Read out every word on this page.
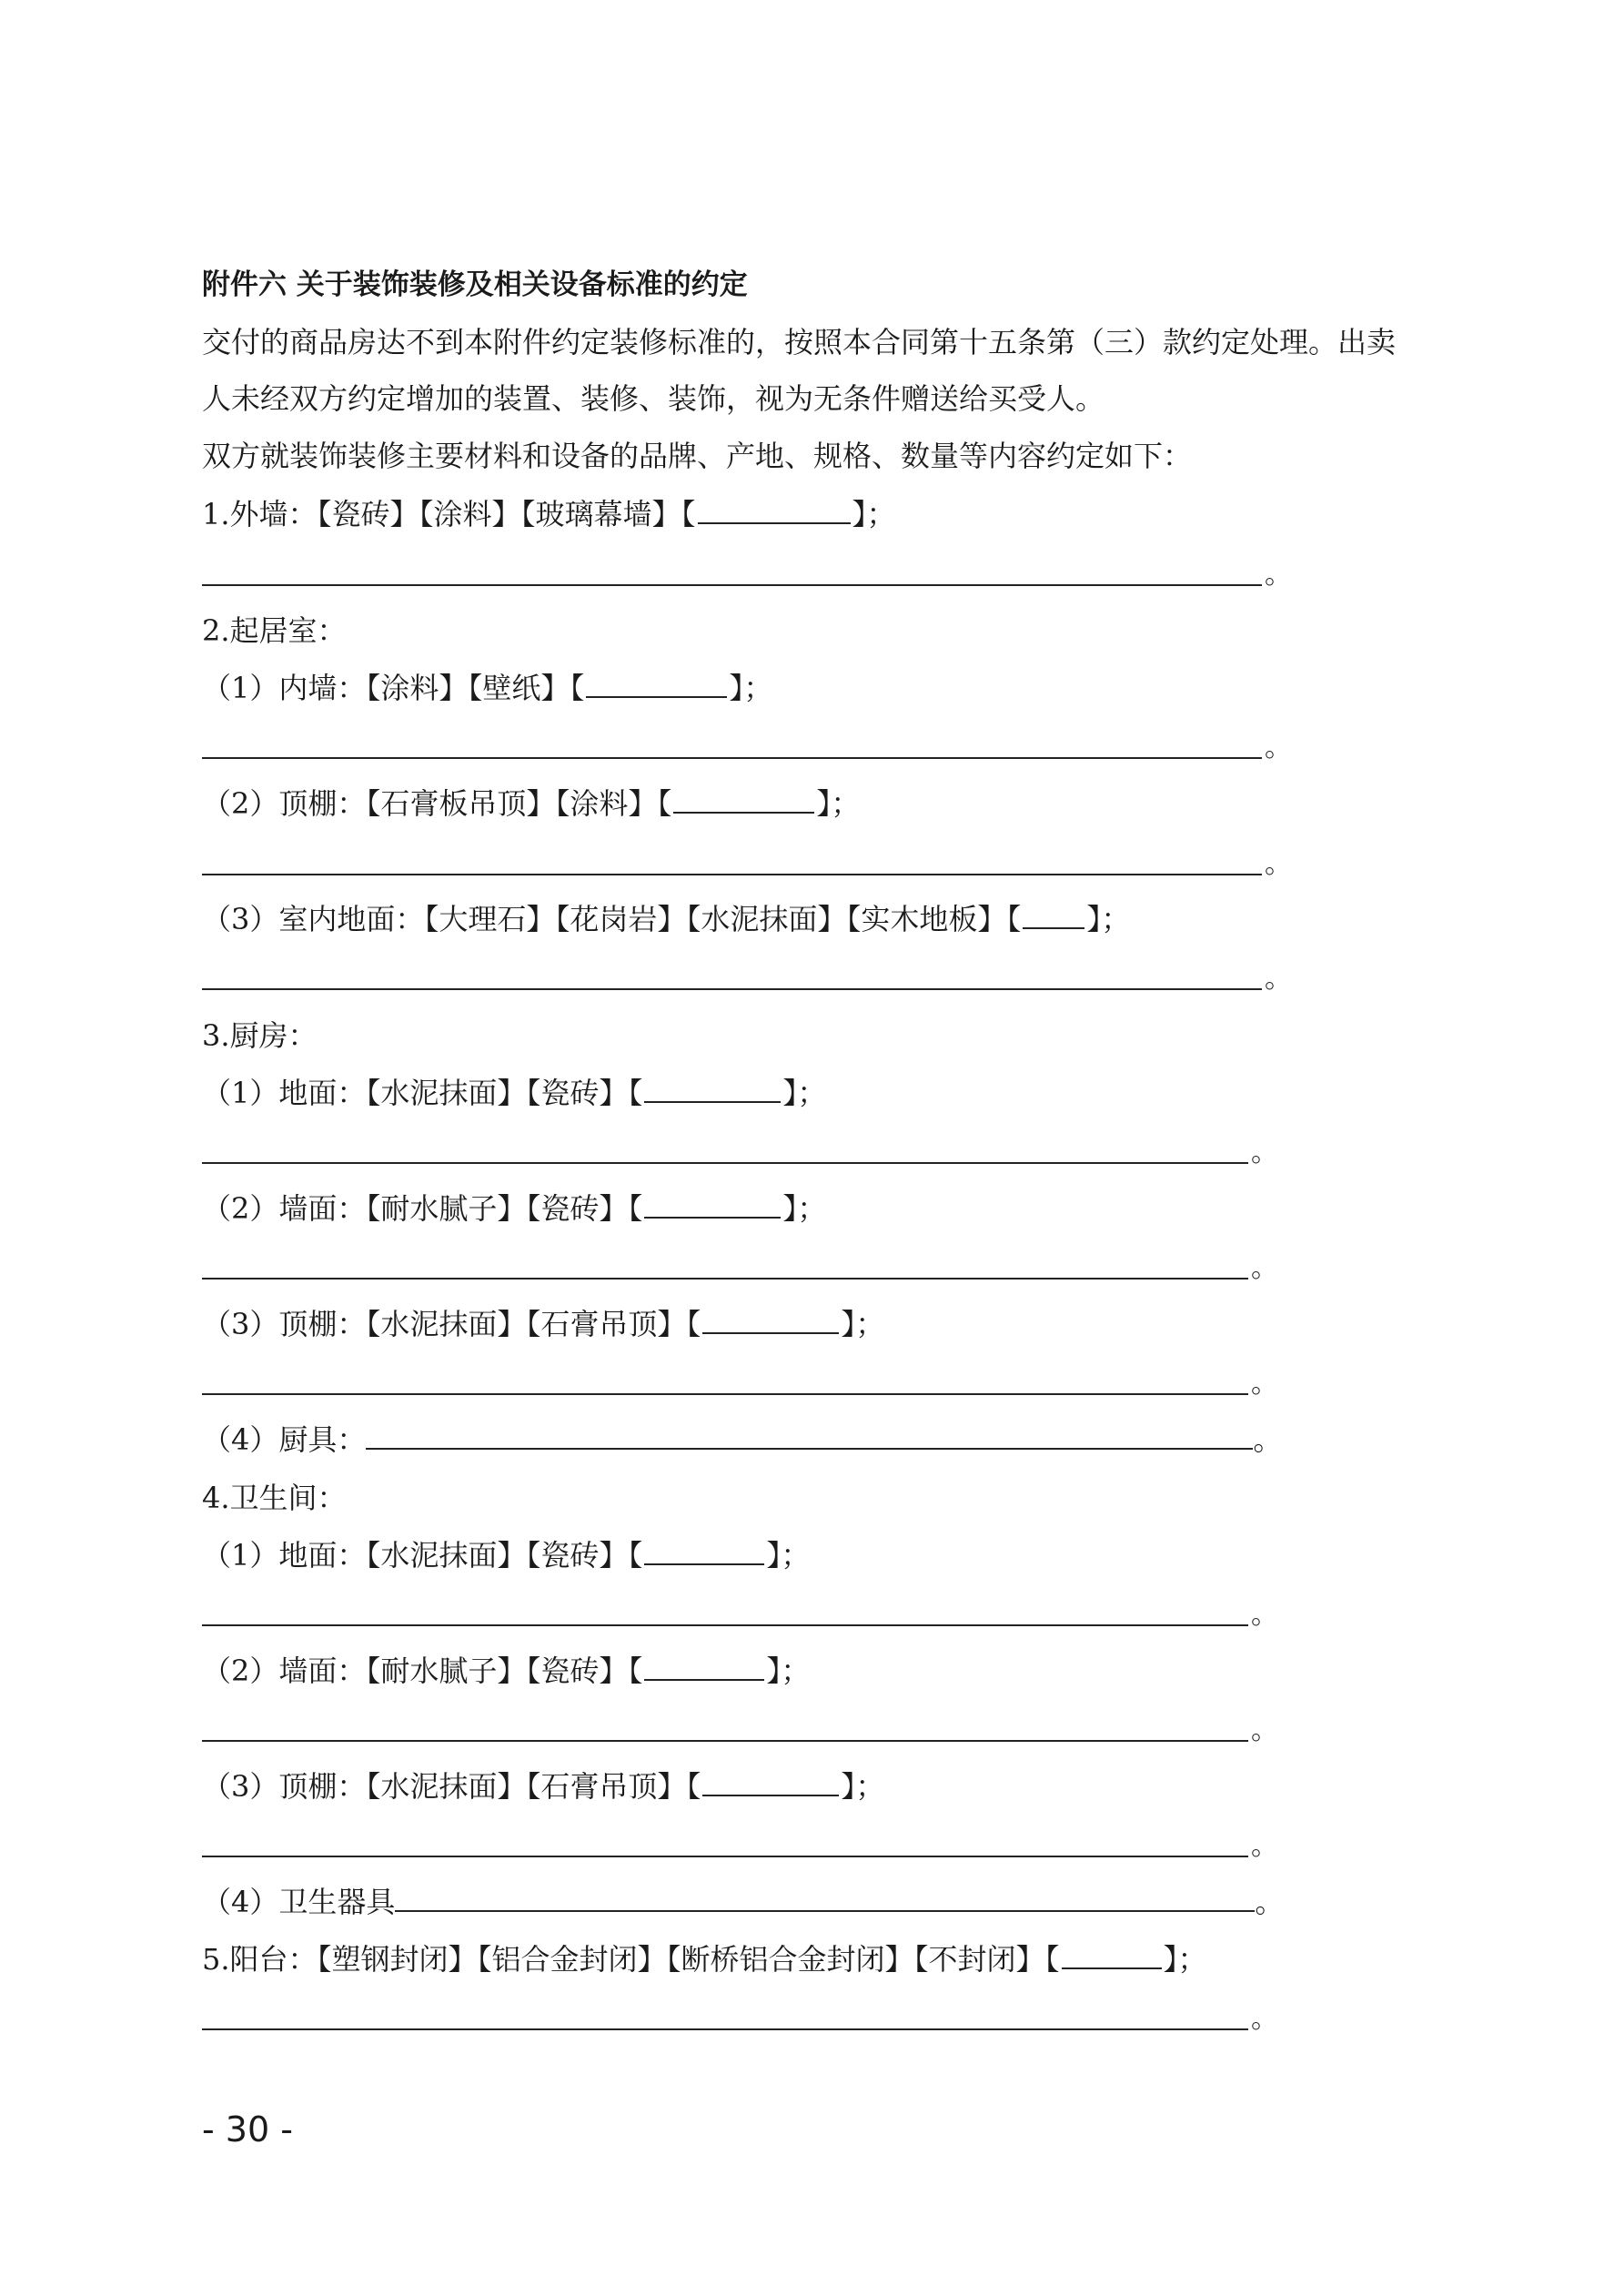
附件六 关于装饰装修及相关设备标准的约定
交付的商品房达不到本附件约定装修标准的，按照本合同第十五条第（三）款约定处理。出卖
人未经双方约定增加的装置、装修、装饰，视为无条件赠送给买受人。
双方就装饰装修主要材料和设备的品牌、产地、规格、数量等内容约定如下：
1.外墙：【瓷砖】【涂料】【玻璃幕墙】【	】；
。
2.起居室：
（1）内墙：【涂料】【壁纸】【	】；
。
（2）顶棚：【石膏板吊顶】【涂料】【	】；
。
（3）室内地面：【大理石】【花岗岩】【水泥抹面】【实木地板】【 】；
。
3.厨房：
（1）地面：【水泥抹面】【瓷砖】【	】；
。
（2）墙面：【耐水腻子】【瓷砖】【	】；
。
（3）顶棚：【水泥抹面】【石膏吊顶】【	】；
。
（4）厨具：	。
4.卫生间：
（1）地面：【水泥抹面】【瓷砖】【	】；
。
（2）墙面：【耐水腻子】【瓷砖】【	】；
。
（3）顶棚：【水泥抹面】【石膏吊顶】【	】；
。
（4）卫生器具	。
5.阳台：【塑钢封闭】【铝合金封闭】【断桥铝合金封闭】【不封闭】【	】；
。
- 30 -
